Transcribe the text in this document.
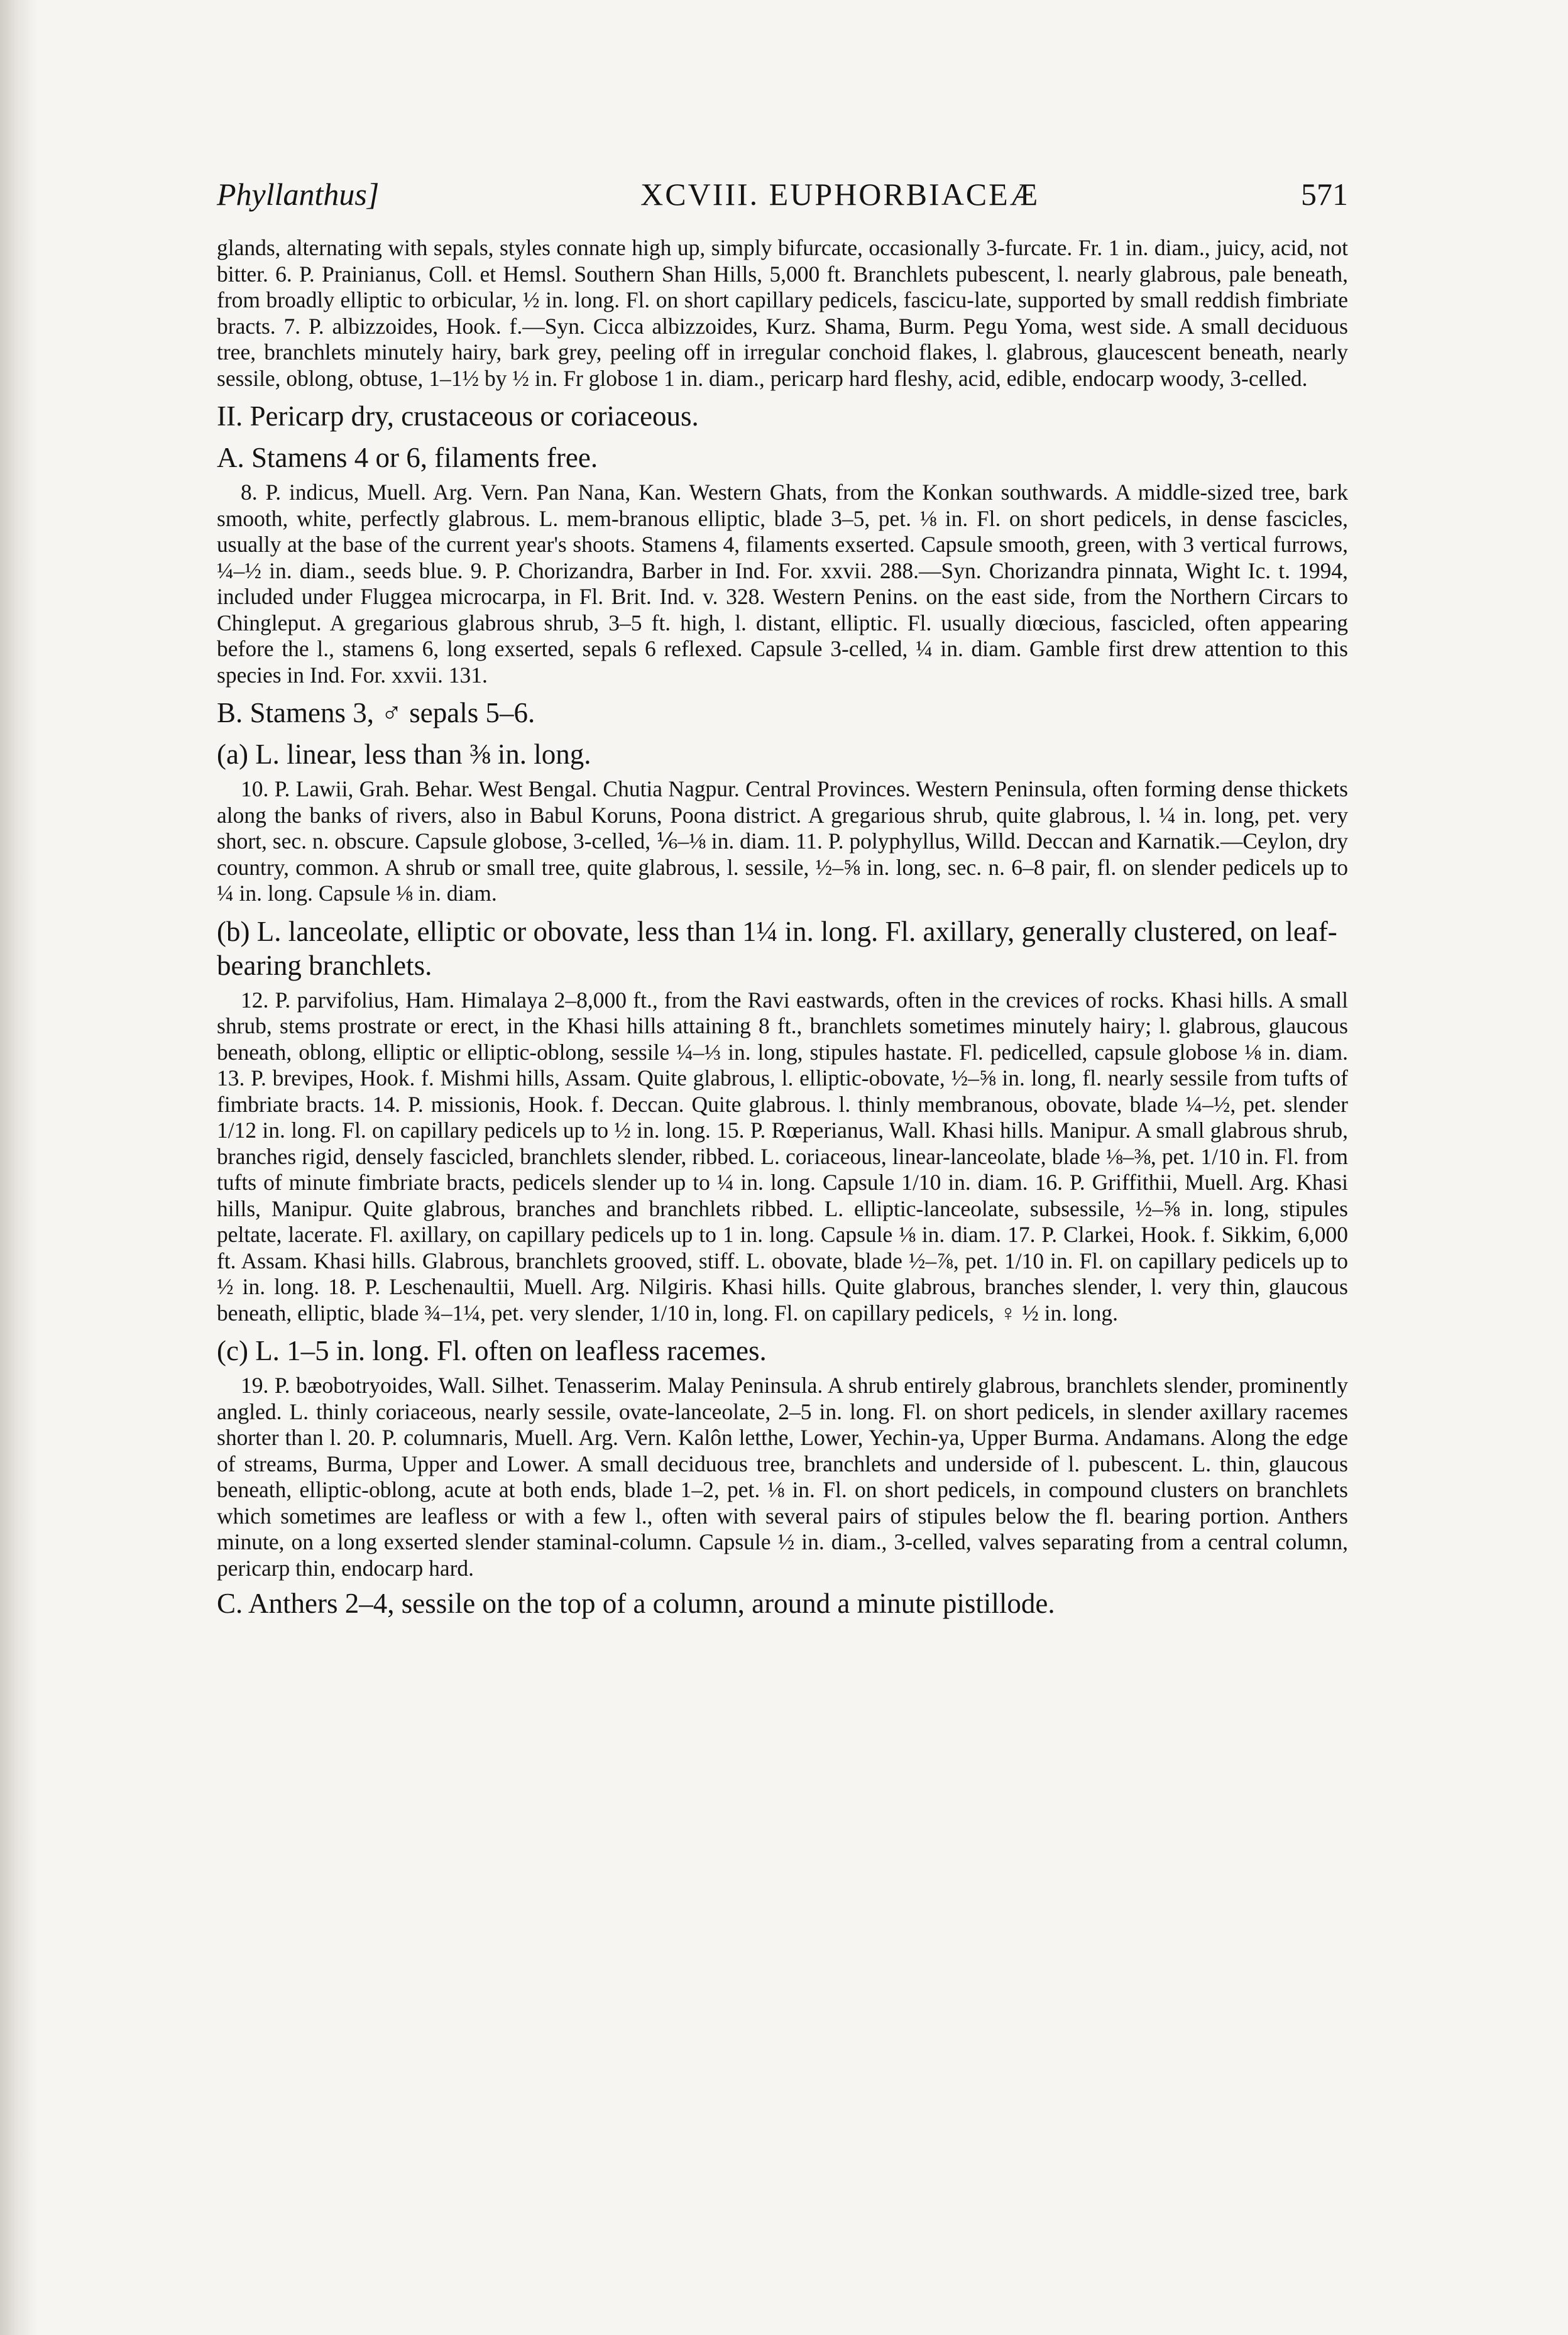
Phyllanthus]	XCVIII. EUPHORBIACEÆ	571

glands, alternating with sepals, styles connate high up, simply bifurcate, occasionally 3-furcate. Fr. 1 in. diam., juicy, acid, not bitter. 6. P. Prainianus, Coll. et Hemsl. Southern Shan Hills, 5,000 ft. Branchlets pubescent, l. nearly glabrous, pale beneath, from broadly elliptic to orbicular, ½ in. long. Fl. on short capillary pedicels, fascicu-late, supported by small reddish fimbriate bracts. 7. P. albizzoides, Hook. f.—Syn. Cicca albizzoides, Kurz. Shama, Burm. Pegu Yoma, west side. A small deciduous tree, branchlets minutely hairy, bark grey, peeling off in irregular conchoid flakes, l. glabrous, glaucescent beneath, nearly sessile, oblong, obtuse, 1–1½ by ½ in. Fr globose 1 in. diam., pericarp hard fleshy, acid, edible, endocarp woody, 3-celled.

II. Pericarp dry, crustaceous or coriaceous.
A. Stamens 4 or 6, filaments free.

8. P. indicus, Muell. Arg. Vern. Pan Nana, Kan. Western Ghats, from the Konkan southwards. A middle-sized tree, bark smooth, white, perfectly glabrous. L. mem-branous elliptic, blade 3–5, pet. ⅛ in. Fl. on short pedicels, in dense fascicles, usually at the base of the current year's shoots. Stamens 4, filaments exserted. Capsule smooth, green, with 3 vertical furrows, ¼–½ in. diam., seeds blue. 9. P. Chorizandra, Barber in Ind. For. xxvii. 288.—Syn. Chorizandra pinnata, Wight Ic. t. 1994, included under Fluggea microcarpa, in Fl. Brit. Ind. v. 328. Western Penins. on the east side, from the Northern Circars to Chingleput. A gregarious glabrous shrub, 3–5 ft. high, l. distant, elliptic. Fl. usually diœcious, fascicled, often appearing before the l., stamens 6, long exserted, sepals 6 reflexed. Capsule 3-celled, ¼ in. diam. Gamble first drew attention to this species in Ind. For. xxvii. 131.

B. Stamens 3, ♂ sepals 5–6.
(a) L. linear, less than ⅜ in. long.

10. P. Lawii, Grah. Behar. West Bengal. Chutia Nagpur. Central Provinces. Western Peninsula, often forming dense thickets along the banks of rivers, also in Babul Koruns, Poona district. A gregarious shrub, quite glabrous, l. ¼ in. long, pet. very short, sec. n. obscure. Capsule globose, 3-celled, ⅙–⅛ in. diam. 11. P. polyphyllus, Willd. Deccan and Karnatik.—Ceylon, dry country, common. A shrub or small tree, quite glabrous, l. sessile, ½–⅝ in. long, sec. n. 6–8 pair, fl. on slender pedicels up to ¼ in. long. Capsule ⅛ in. diam.

(b) L. lanceolate, elliptic or obovate, less than 1¼ in. long. Fl. axillary, generally clustered, on leaf-bearing branchlets.

12. P. parvifolius, Ham. Himalaya 2–8,000 ft., from the Ravi eastwards, often in the crevices of rocks. Khasi hills. A small shrub, stems prostrate or erect, in the Khasi hills attaining 8 ft., branchlets sometimes minutely hairy; l. glabrous, glaucous beneath, oblong, elliptic or elliptic-oblong, sessile ¼–⅓ in. long, stipules hastate. Fl. pedicelled, capsule globose ⅛ in. diam. 13. P. brevipes, Hook. f. Mishmi hills, Assam. Quite glabrous, l. elliptic-obovate, ½–⅝ in. long, fl. nearly sessile from tufts of fimbriate bracts. 14. P. missionis, Hook. f. Deccan. Quite glabrous. l. thinly membranous, obovate, blade ¼–½, pet. slender 1/12 in. long. Fl. on capillary pedicels up to ½ in. long. 15. P. Rœperianus, Wall. Khasi hills. Manipur. A small glabrous shrub, branches rigid, densely fascicled, branchlets slender, ribbed. L. coriaceous, linear-lanceolate, blade ⅛–⅜, pet. 1/10 in. Fl. from tufts of minute fimbriate bracts, pedicels slender up to ¼ in. long. Capsule 1/10 in. diam. 16. P. Griffithii, Muell. Arg. Khasi hills, Manipur. Quite glabrous, branches and branchlets ribbed. L. elliptic-lanceolate, subsessile, ½–⅝ in. long, stipules peltate, lacerate. Fl. axillary, on capillary pedicels up to 1 in. long. Capsule ⅛ in. diam. 17. P. Clarkei, Hook. f. Sikkim, 6,000 ft. Assam. Khasi hills. Glabrous, branchlets grooved, stiff. L. obovate, blade ½–⅞, pet. 1/10 in. Fl. on capillary pedicels up to ½ in. long. 18. P. Leschenaultii, Muell. Arg. Nilgiris. Khasi hills. Quite glabrous, branches slender, l. very thin, glaucous beneath, elliptic, blade ¾–1¼, pet. very slender, 1/10 in, long. Fl. on capillary pedicels, ♀ ½ in. long.

(c) L. 1–5 in. long. Fl. often on leafless racemes.

19. P. bæobotryoides, Wall. Silhet. Tenasserim. Malay Peninsula. A shrub entirely glabrous, branchlets slender, prominently angled. L. thinly coriaceous, nearly sessile, ovate-lanceolate, 2–5 in. long. Fl. on short pedicels, in slender axillary racemes shorter than l. 20. P. columnaris, Muell. Arg. Vern. Kalôn letthe, Lower, Yechin-ya, Upper Burma. Andamans. Along the edge of streams, Burma, Upper and Lower. A small deciduous tree, branchlets and underside of l. pubescent. L. thin, glaucous beneath, elliptic-oblong, acute at both ends, blade 1–2, pet. ⅛ in. Fl. on short pedicels, in compound clusters on branchlets which sometimes are leafless or with a few l., often with several pairs of stipules below the fl. bearing portion. Anthers minute, on a long exserted slender staminal-column. Capsule ½ in. diam., 3-celled, valves separating from a central column, pericarp thin, endocarp hard.

C. Anthers 2–4, sessile on the top of a column, around a minute pistillode.
